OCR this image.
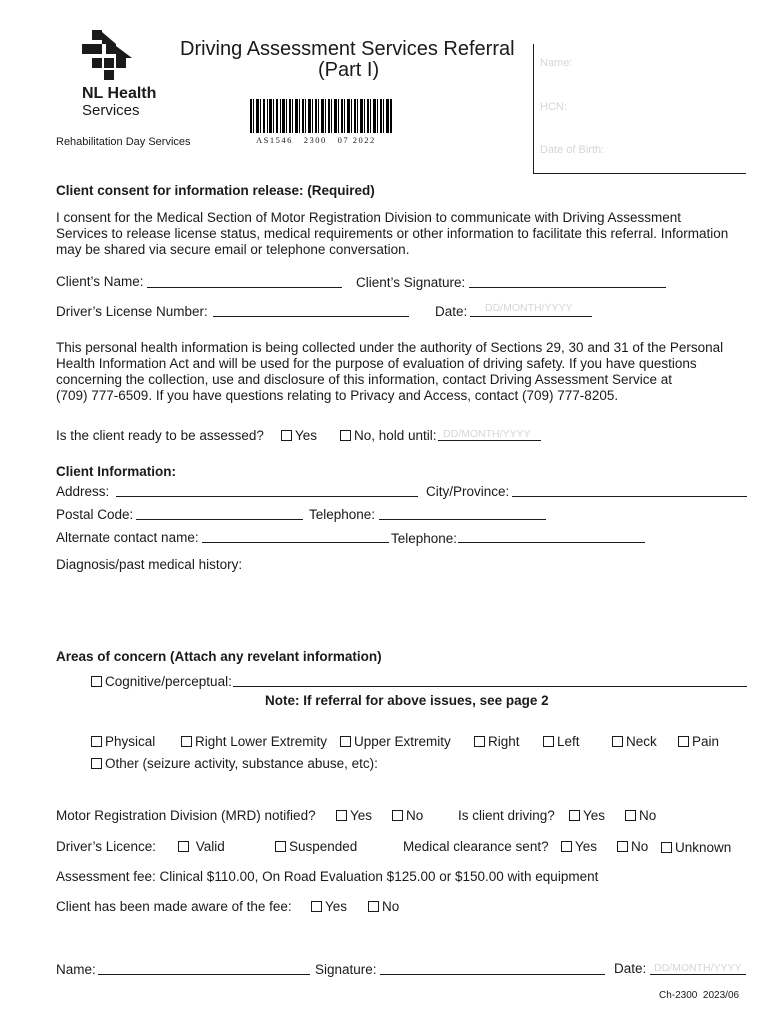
NL Health
Services
Rehabilitation Day Services
Driving Assessment Services Referral
(Part I)
AS1546   2300   07 2022
Name:
HCN:
Date of Birth:
Client consent for information release: (Required)
I consent for the Medical Section of Motor Registration Division to communicate with Driving Assessment
Services to release license status, medical requirements or other information to facilitate this referral. Information
may be shared via secure email or telephone conversation.
Client’s Name:	Client’s Signature:
Driver’s License Number:	Date: DD/MONTH/YYYY
This personal health information is being collected under the authority of Sections 29, 30 and 31 of the Personal
Health Information Act and will be used for the purpose of evaluation of driving safety. If you have questions
concerning the collection, use and disclosure of this information, contact Driving Assessment Service at
(709) 777-6509. If you have questions relating to Privacy and Access, contact (709) 777-8205.
Is the client ready to be assessed?	Yes	No, hold until: DD/MONTH/YYYY
Client Information:
Address:	City/Province:
Postal Code:	Telephone:
Alternate contact name:	Telephone:
Diagnosis/past medical history:
Areas of concern (Attach any revelant information)
Cognitive/perceptual:
Note: If referral for above issues, see page 2
Physical	Right Lower Extremity	Upper Extremity	Right	Left	Neck	Pain
Other (seizure activity, substance abuse, etc):
Motor Registration Division (MRD) notified?	Yes	No	Is client driving?	Yes	No
Driver’s Licence:	Valid	Suspended	Medical clearance sent?	Yes	No	Unknown
Assessment fee: Clinical $110.00, On Road Evaluation $125.00 or $150.00 with equipment
Client has been made aware of the fee:	Yes	No
Name:	Signature:	Date: DD/MONTH/YYYY
Ch-2300  2023/06
